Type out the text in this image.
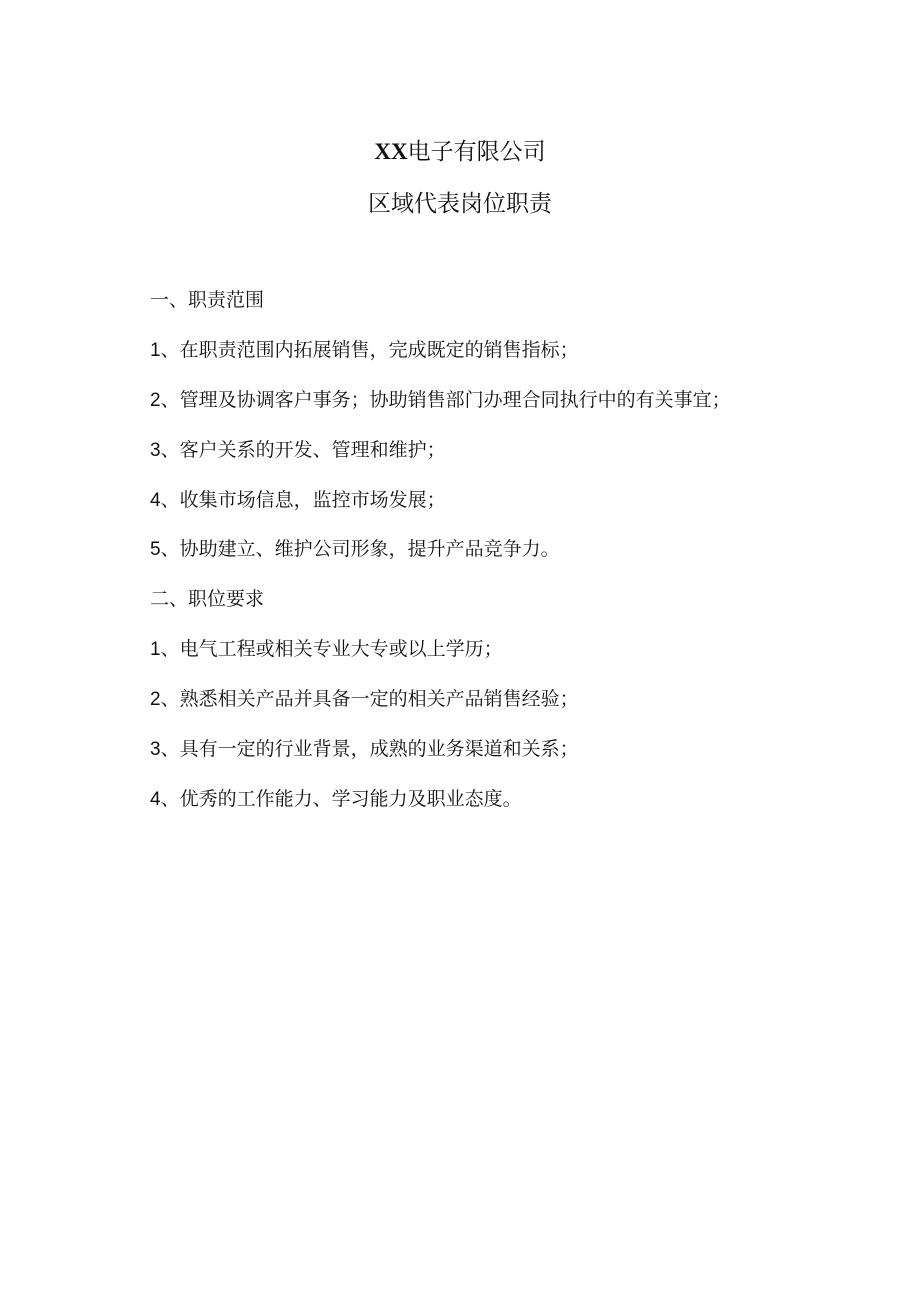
XX电子有限公司
区域代表岗位职责
一、职责范围
1、在职责范围内拓展销售，完成既定的销售指标；
2、管理及协调客户事务；协助销售部门办理合同执行中的有关事宜；
3、客户关系的开发、管理和维护；
4、收集市场信息，监控市场发展；
5、协助建立、维护公司形象，提升产品竞争力。
二、职位要求
1、电气工程或相关专业大专或以上学历；
2、熟悉相关产品并具备一定的相关产品销售经验；
3、具有一定的行业背景，成熟的业务渠道和关系；
4、优秀的工作能力、学习能力及职业态度。
